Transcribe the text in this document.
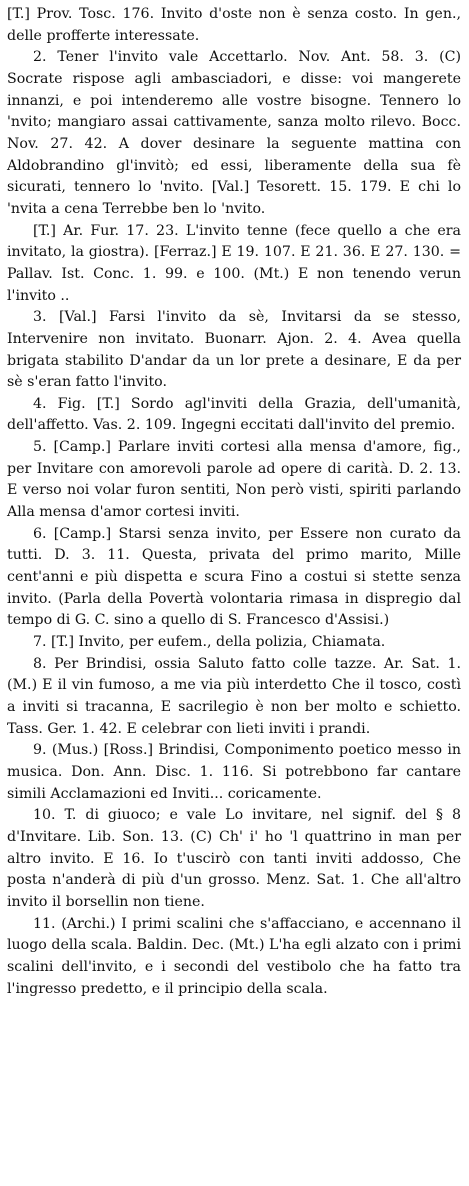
[T.] Prov. Tosc. 176. Invito d'oste non è senza costo. In gen., delle profferte interessate.

2. Tener l'invito vale Accettarlo. Nov. Ant. 58. 3. (C) Socrate rispose agli ambasciadori, e disse: voi mangerete innanzi, e poi intenderemo alle vostre bisogne. Tennero lo 'nvito; mangiaro assai cattivamente, sanza molto rilevo. Bocc. Nov. 27. 42. A dover desinare la seguente mattina con Aldobrandino gl'invitò; ed essi, liberamente della sua fè sicurati, tennero lo 'nvito. [Val.] Tesorett. 15. 179. E chi lo 'nvita a cena Terrebbe ben lo 'nvito.

[T.] Ar. Fur. 17. 23. L'invito tenne (fece quello a che era invitato, la giostra). [Ferraz.] E 19. 107. E 21. 36. E 27. 130. = Pallav. Ist. Conc. 1. 99. e 100. (Mt.) E non tenendo verun l'invito ..

3. [Val.] Farsi l'invito da sè, Invitarsi da se stesso, Intervenire non invitato. Buonarr. Ajon. 2. 4. Avea quella brigata stabilito D'andar da un lor prete a desinare, E da per sè s'eran fatto l'invito.

4. Fig. [T.] Sordo agl'inviti della Grazia, dell'umanità, dell'affetto. Vas. 2. 109. Ingegni eccitati dall'invito del premio.

5. [Camp.] Parlare inviti cortesi alla mensa d'amore, fig., per Invitare con amorevoli parole ad opere di carità. D. 2. 13. E verso noi volar furon sentiti, Non però visti, spiriti parlando Alla mensa d'amor cortesi inviti.

6. [Camp.] Starsi senza invito, per Essere non curato da tutti. D. 3. 11. Questa, privata del primo marito, Mille cent'anni e più dispetta e scura Fino a costui si stette senza invito. (Parla della Povertà volontaria rimasa in dispregio dal tempo di G. C. sino a quello di S. Francesco d'Assisi.)

7. [T.] Invito, per eufem., della polizia, Chiamata.

8. Per Brindisi, ossia Saluto fatto colle tazze. Ar. Sat. 1. (M.) E il vin fumoso, a me via più interdetto Che il tosco, costì a inviti si tracanna, E sacrilegio è non ber molto e schietto. Tass. Ger. 1. 42. E celebrar con lieti inviti i prandi.

9. (Mus.) [Ross.] Brindisi, Componimento poetico messo in musica. Don. Ann. Disc. 1. 116. Si potrebbono far cantare simili Acclamazioni ed Inviti... coricamente.

10. T. di giuoco; e vale Lo invitare, nel signif. del § 8 d'Invitare. Lib. Son. 13. (C) Ch' i' ho 'l quattrino in man per altro invito. E 16. Io t'uscirò con tanti inviti addosso, Che posta n'anderà di più d'un grosso. Menz. Sat. 1. Che all'altro invito il borsellin non tiene.

11. (Archi.) I primi scalini che s'affacciano, e accennano il luogo della scala. Baldin. Dec. (Mt.) L'ha egli alzato con i primi scalini dell'invito, e i secondi del vestibolo che ha fatto tra l'ingresso predetto, e il principio della scala.
